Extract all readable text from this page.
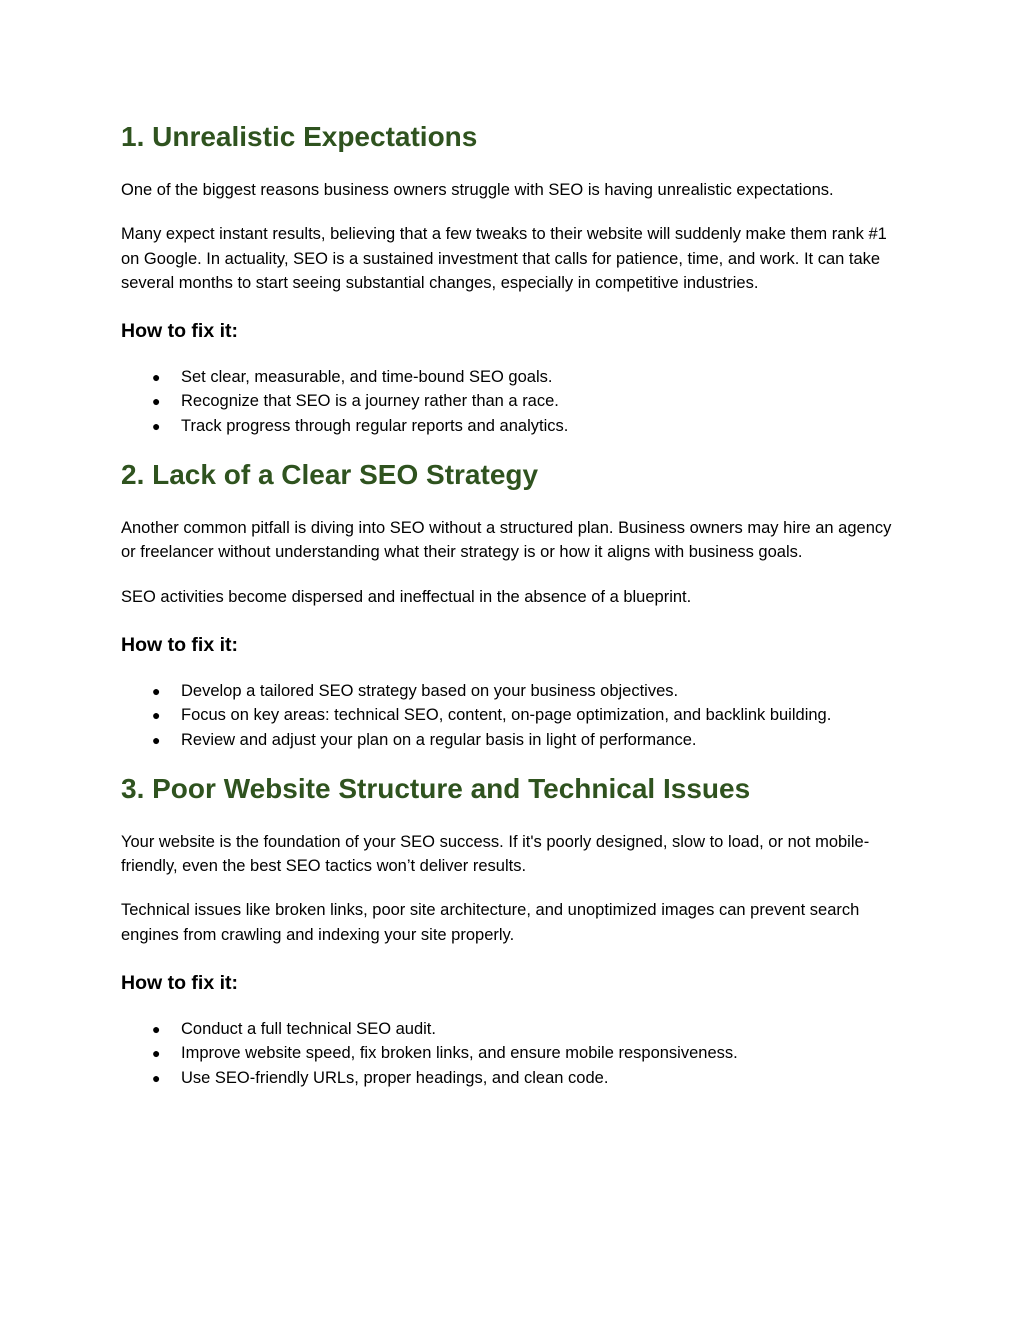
1. Unrealistic Expectations

One of the biggest reasons business owners struggle with SEO is having unrealistic expectations.

Many expect instant results, believing that a few tweaks to their website will suddenly make them rank #1 on Google. In actuality, SEO is a sustained investment that calls for patience, time, and work. It can take several months to start seeing substantial changes, especially in competitive industries.

How to fix it:
● Set clear, measurable, and time-bound SEO goals.
● Recognize that SEO is a journey rather than a race.
● Track progress through regular reports and analytics.
2. Lack of a Clear SEO Strategy

Another common pitfall is diving into SEO without a structured plan. Business owners may hire an agency or freelancer without understanding what their strategy is or how it aligns with business goals.

SEO activities become dispersed and ineffectual in the absence of a blueprint.

How to fix it:
● Develop a tailored SEO strategy based on your business objectives.
● Focus on key areas: technical SEO, content, on-page optimization, and backlink building.
● Review and adjust your plan on a regular basis in light of performance.
3. Poor Website Structure and Technical Issues

Your website is the foundation of your SEO success. If it's poorly designed, slow to load, or not mobile-friendly, even the best SEO tactics won’t deliver results.

Technical issues like broken links, poor site architecture, and unoptimized images can prevent search engines from crawling and indexing your site properly.

How to fix it:
● Conduct a full technical SEO audit.
● Improve website speed, fix broken links, and ensure mobile responsiveness.
● Use SEO-friendly URLs, proper headings, and clean code.
